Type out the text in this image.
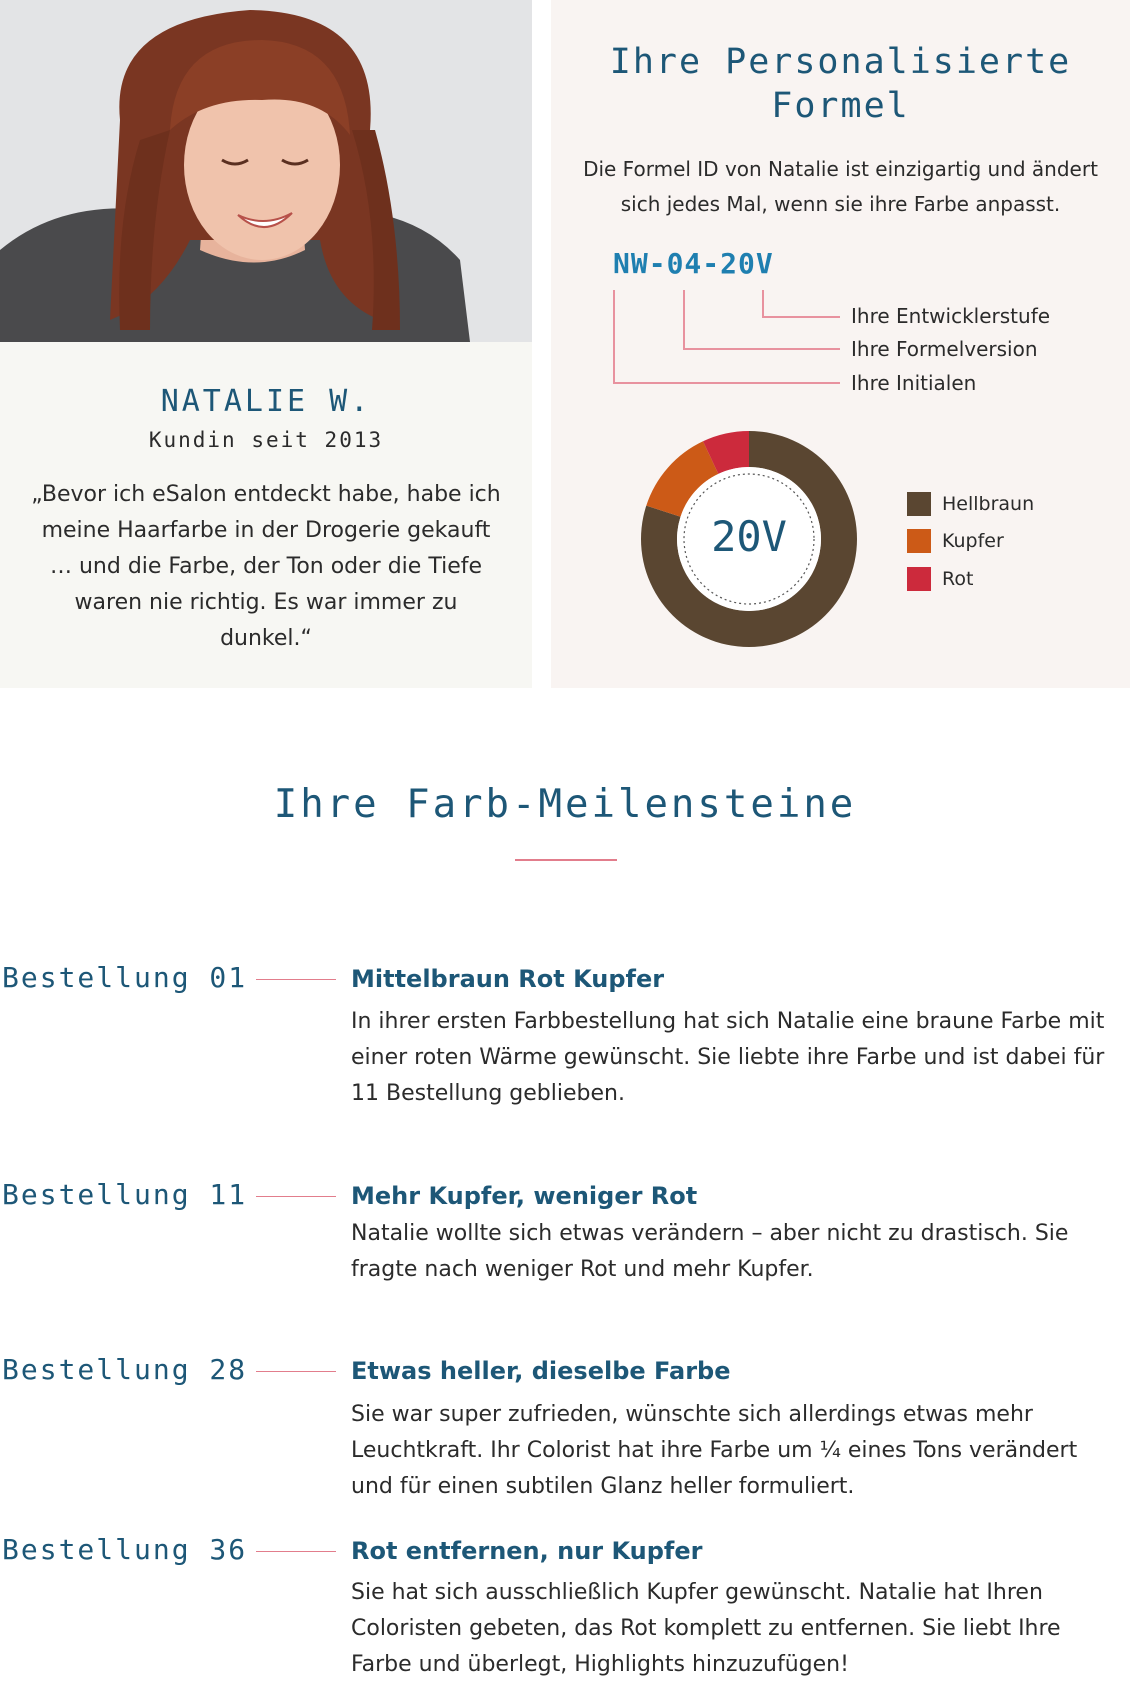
NATALIE W.
Kundin seit 2013
„Bevor ich eSalon entdeckt habe, habe ich meine Haarfarbe in der Drogerie gekauft … und die Farbe, der Ton oder die Tiefe waren nie richtig. Es war immer zu dunkel.“
Ihre Personalisierte Formel
Die Formel ID von Natalie ist einzigartig und ändert sich jedes Mal, wenn sie ihre Farbe anpasst.
NW-04-20V
Ihre Entwicklerstufe
Ihre Formelversion
Ihre Initialen
20V
Hellbraun
Kupfer
Rot
Ihre Farb-Meilensteine
Bestellung 01	Mittelbraun Rot Kupfer
In ihrer ersten Farbbestellung hat sich Natalie eine braune Farbe mit einer roten Wärme gewünscht. Sie liebte ihre Farbe und ist dabei für 11 Bestellung geblieben.
Bestellung 11	Mehr Kupfer, weniger Rot
Natalie wollte sich etwas verändern – aber nicht zu drastisch. Sie fragte nach weniger Rot und mehr Kupfer.
Bestellung 28	Etwas heller, dieselbe Farbe
Sie war super zufrieden, wünschte sich allerdings etwas mehr Leuchtkraft. Ihr Colorist hat ihre Farbe um ¼ eines Tons verändert und für einen subtilen Glanz heller formuliert.
Bestellung 36	Rot entfernen, nur Kupfer
Sie hat sich ausschließlich Kupfer gewünscht. Natalie hat Ihren Coloristen gebeten, das Rot komplett zu entfernen. Sie liebt Ihre Farbe und überlegt, Highlights hinzuzufügen!
